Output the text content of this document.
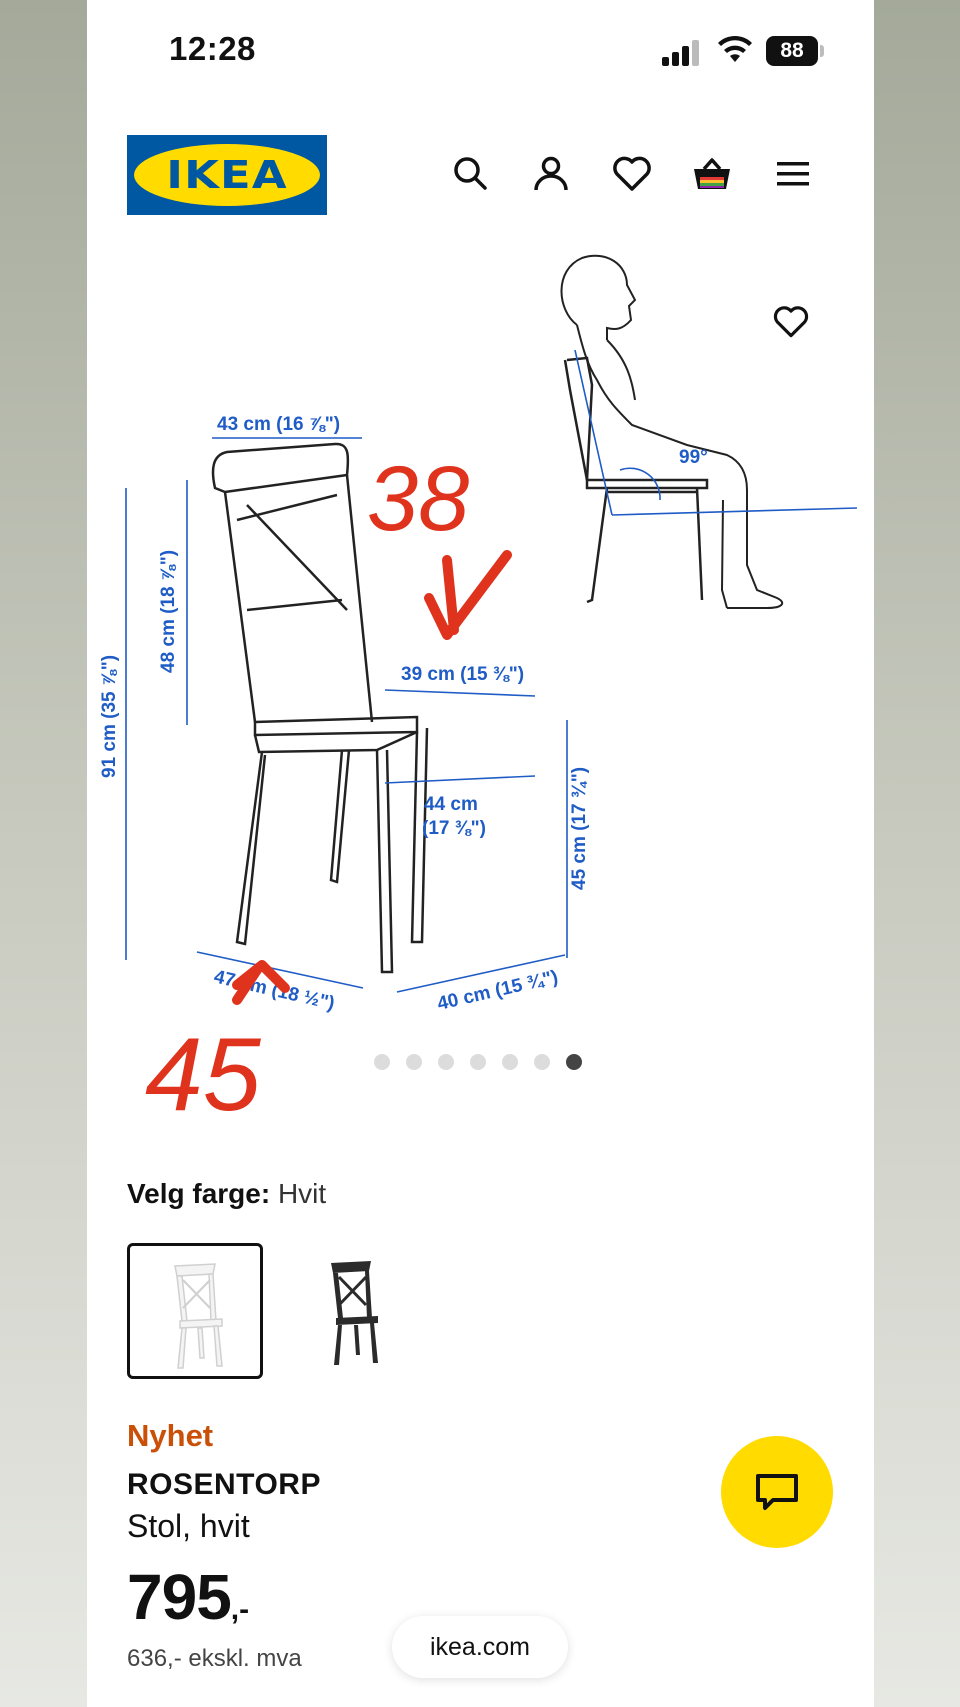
12:28	88
IKEA
99°
43 cm (16 ⅞")
91 cm (35 ⅞")
48 cm (18 ⅞")
39 cm (15 ⅜")
44 cm
(17 ⅜")	45 cm (17 ¾")
47 cm (18 ½")	40 cm (15 ¾")
38
45
Velg farge: Hvit
Nyhet
ROSENTORP
Stol, hvit
795,-
636,- ekskl. mva	ikea.com
